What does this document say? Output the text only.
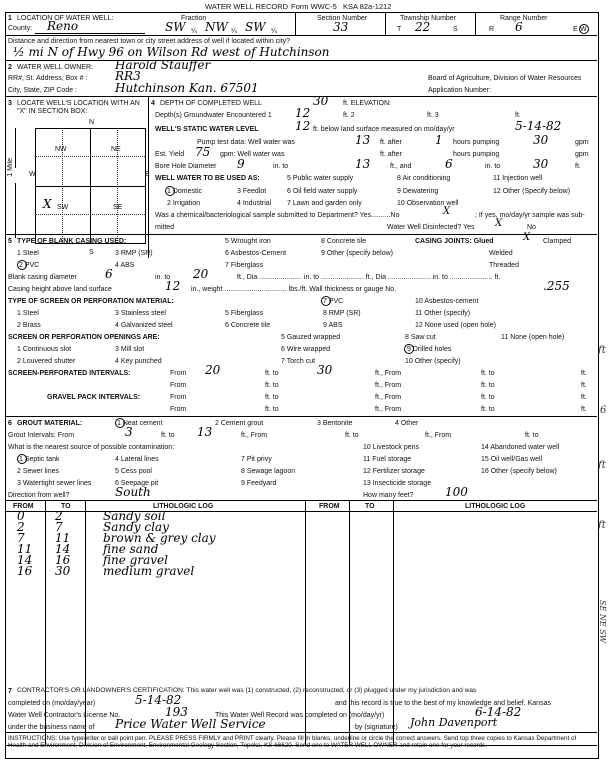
WATER WELL RECORD Form WWC-5 KSA 82a-1212
1 LOCATION OF WATER WELL:
County: Reno
Fraction
SW ¼ NW ¼ SW ¼
Section Number
33
Township Number
T 22	S
Range Number
R 6	E W
Distance and direction from nearest town or city street address of well if located within city?
½ mi N of Hwy 96 on Wilson Rd west of Hutchinson
2 WATER WELL OWNER: Harold Stauffer
RR#, St. Address, Box # : RR3
City, State, ZIP Code :	Hutchinson Kan. 67501
Board of Agriculture, Division of Water Resources
Application Number:
3 LOCATE WELL'S LOCATION WITH AN "X" IN SECTION BOX:
N
S
W	E
1 Mile
NW	NE
SW	SE
X
4 DEPTH OF COMPLETED WELL	30 ft. ELEVATION:
Depth(s) Groundwater Encountered 1 12	ft. 2	ft. 3	ft.
WELL'S STATIC WATER LEVEL	12 ft. below land surface measured on mo/day/yr	5-14-82
Pump test data: Well water was	13 ft. after	1 hours pumping	30	gpm
Est. Yield 75 gpm: Well water was	ft. after	hours pumping	gpm
Bore Hole Diameter 9	in. to	13	ft., and	6	in. to	30	ft.
WELL WATER TO BE USED AS:
1 Domestic	3 Feedlot
5 Public water supply	8 Air conditioning	11 Injection well
2 Irrigation	4 Industrial
6 Oil field water supply	9 Dewatering	12 Other (Specify below)
7 Lawn and garden only	10 Observation well
Was a chemical/bacteriological sample submitted to Department? Yes..........No	X	; If yes, mo/day/yr sample was sub-
mitted	Water Well Disinfected? Yes X	No
5 TYPE OF BLANK CASING USED:
1 Steel	3 RMP (SR)
5 Wrought iron	8 Concrete tile
2 PVC	4 ABS
6 Asbestos-Cement	9 Other (specify below)
7 Fiberglass
CASING JOINTS: Glued	X Clamped
Welded
Threaded
Blank casing diameter 6	in. to 20	ft., Dia ...................... in. to ...................... ft., Dia ...................... in. to ...................... ft.
Casing height above land surface	12 in., weight ................................ lbs./ft. Wall thickness or gauge No.	.255
TYPE OF SCREEN OR PERFORATION MATERIAL:
1 Steel	3 Stainless steel	5 Fiberglass
7 PVC	10 Asbestos-cement
2 Brass	4 Galvanized steel	6 Concrete tile
8 RMP (SR)	11 Other (specify)
9 ABS	12 None used (open hole)
SCREEN OR PERFORATION OPENINGS ARE:
1 Continuous slot	3 Mill slot
5 Gauzed wrapped	8 Saw cut	11 None (open hole)
2 Louvered shutter	4 Key punched
6 Wire wrapped	9 Drilled holes
7 Torch cut	10 Other (specify)
SCREEN-PERFORATED INTERVALS:	From 20	ft. to	30	ft., From	ft. to	ft.
From	ft. to	ft., From	ft. to	ft.
GRAVEL PACK INTERVALS:	From	ft. to	ft., From	ft. to	ft.
From	ft. to	ft., From	ft. to	ft.
6 GROUT MATERIAL:	1 Neat cement	2 Cement grout	3 Bentonite	4 Other
Grout Intervals: From	3	ft. to 13	ft., From	ft. to	ft., From	ft. to
What is the nearest source of possible contamination:
1 Septic tank	4 Lateral lines	7 Pit privy
10 Livestock pens	14 Abandoned water well
2 Sewer lines	5 Cess pool	8 Sewage lagoon
11 Fuel storage	15 Oil well/Gas well
3 Watertight sewer lines	6 Seepage pit	9 Feedyard
12 Fertilizer storage	16 Other (specify below)
13 Insecticide storage
Direction from well?	South	How many feet?	100
FROM	TO	LITHOLOGIC LOG	FROM	TO	LITHOLOGIC LOG
0	2	Sandy soil
2	7	Sandy clay
7	11	brown & grey clay
11 14	fine sand
14 16	fine gravel
16 30	medium gravel
7 CONTRACTOR'S OR LANDOWNER'S CERTIFICATION: This water well was (1) constructed, (2) reconstructed, or (3) plugged under my jurisdiction and was
completed on (mo/day/year)	5-14-82	and this record is true to the best of my knowledge and belief. Kansas
Water Well Contractor's License No.	193	This Water Well Record was completed on (mo/day/yr)	6-14-82
under the business name of Price Water Well Service	by (signature) John Davenport
INSTRUCTIONS: Use typewriter or ball point pen. PLEASE PRESS FIRMLY and PRINT clearly. Please fill in blanks, underline or circle the correct answers. Send top three copies to Kansas Department of Health and Environment, Division of Environment, Environmental Geology Section, Topeka, KS 66620. Send one to WATER WELL OWNER and retain one for your records.
ft
6
ft
ft
SE NE SW
